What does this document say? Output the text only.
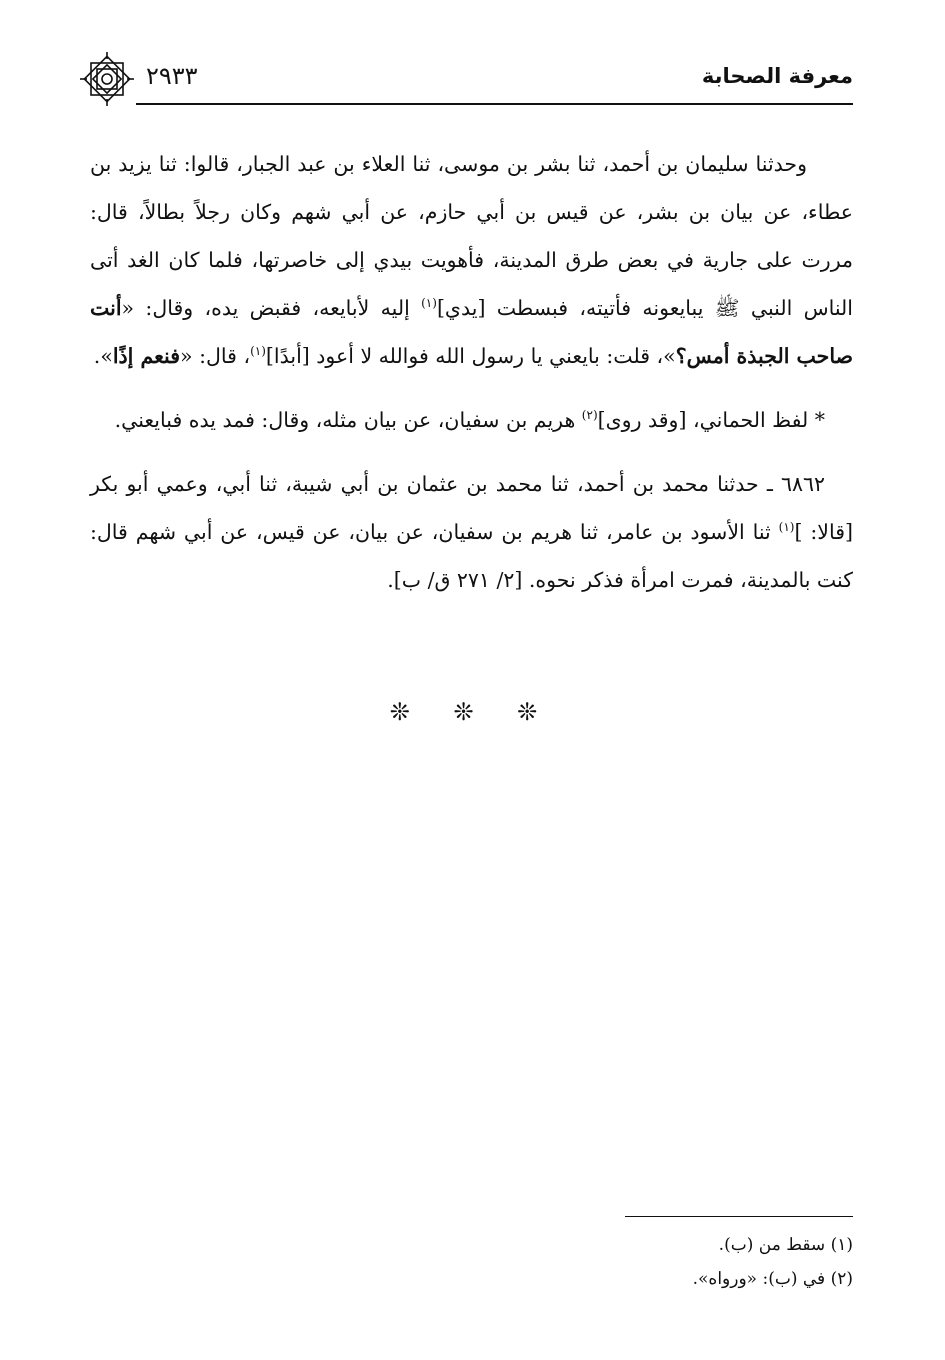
معرفة الصحابة
٢٩٣٣

وحدثنا سليمان بن أحمد، ثنا بشر بن موسى، ثنا العلاء بن عبد الجبار، قالوا: ثنا يزيد بن عطاء، عن بيان بن بشر، عن قيس بن أبي حازم، عن أبي شهم وكان رجلاً بطالاً، قال: مررت على جارية في بعض طرق المدينة، فأهويت بيدي إلى خاصرتها، فلما كان الغد أتى الناس النبي ﷺ يبايعونه فأتيته، فبسطت [يدي]$^{(١)}$ إليه لأبايعه، فقبض يده، وقال: «أنت صاحب الجبذة أمس؟»، قلت: بايعني يا رسول الله فوالله لا أعود [أبدًا]$^{(١)}$، قال: «فنعم إذًا».

* لفظ الحماني، [وقد روى]$^{(٢)}$ هريم بن سفيان، عن بيان مثله، وقال: فمد يده فبايعني.

٦٨٦٢ ـ حدثنا محمد بن أحمد، ثنا محمد بن عثمان بن أبي شيبة، ثنا أبي، وعمي أبو بكر [قالا: ]$^{(١)}$ ثنا الأسود بن عامر، ثنا هريم بن سفيان، عن بيان، عن قيس، عن أبي شهم قال: كنت بالمدينة، فمرت امرأة فذكر نحوه. [٢/ ٢٧١ ق/ ب].

❊ ❊ ❊
(١) سقط من (ب).
(٢) في (ب): «ورواه».
